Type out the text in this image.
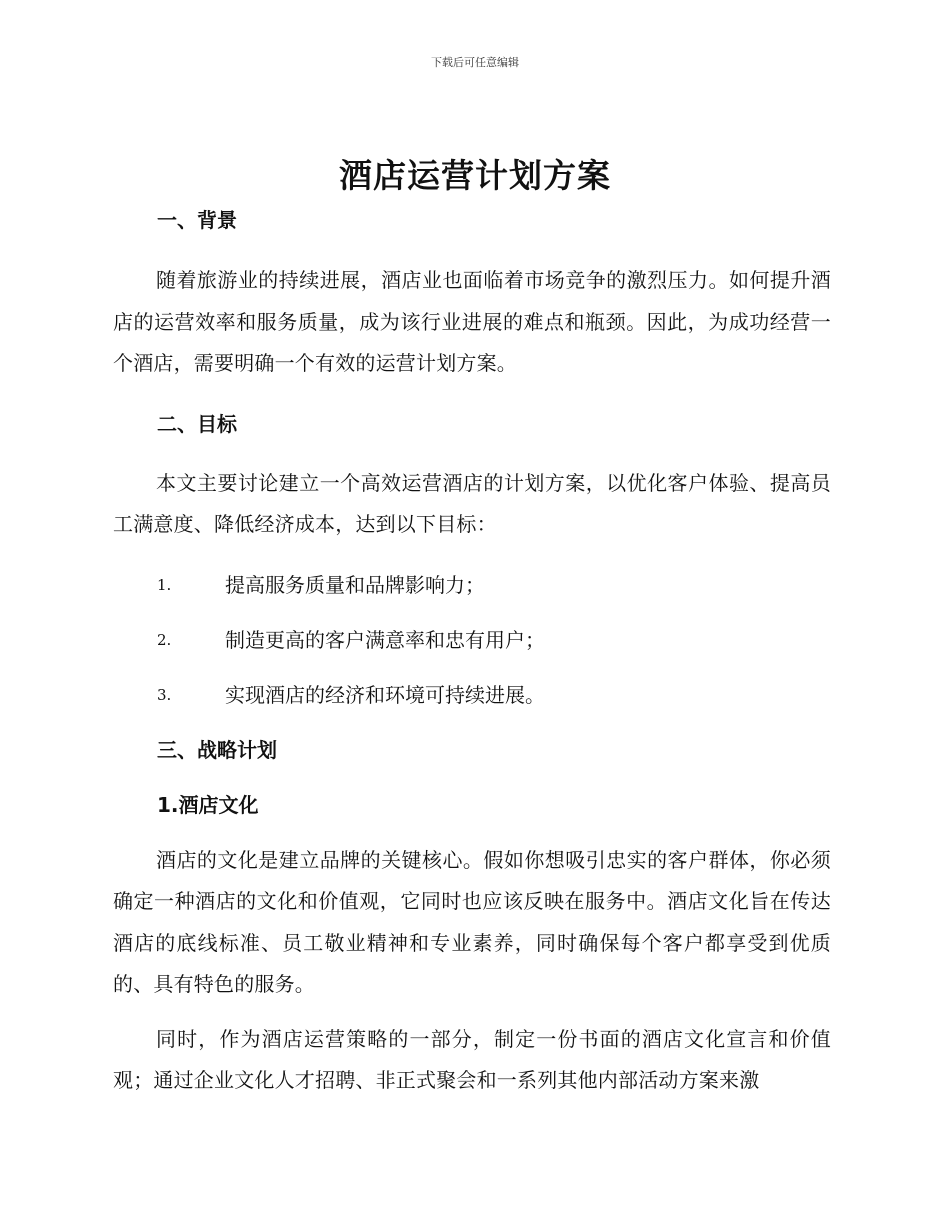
下载后可任意编辑
酒店运营计划方案
一、背景

随着旅游业的持续进展，酒店业也面临着市场竞争的激烈压力。如何提升酒店的运营效率和服务质量，成为该行业进展的难点和瓶颈。因此，为成功经营一个酒店，需要明确一个有效的运营计划方案。

二、目标

本文主要讨论建立一个高效运营酒店的计划方案，以优化客户体验、提高员工满意度、降低经济成本，达到以下目标：

1.	提高服务质量和品牌影响力；
2.	制造更高的客户满意率和忠有用户；
3.	实现酒店的经济和环境可持续进展。
三、战略计划
1.酒店文化

酒店的文化是建立品牌的关键核心。假如你想吸引忠实的客户群体，你必须确定一种酒店的文化和价值观，它同时也应该反映在服务中。酒店文化旨在传达酒店的底线标准、员工敬业精神和专业素养，同时确保每个客户都享受到优质的、具有特色的服务。

同时，作为酒店运营策略的一部分，制定一份书面的酒店文化宣言和价值观；通过企业文化人才招聘、非正式聚会和一系列其他内部活动方案来激
